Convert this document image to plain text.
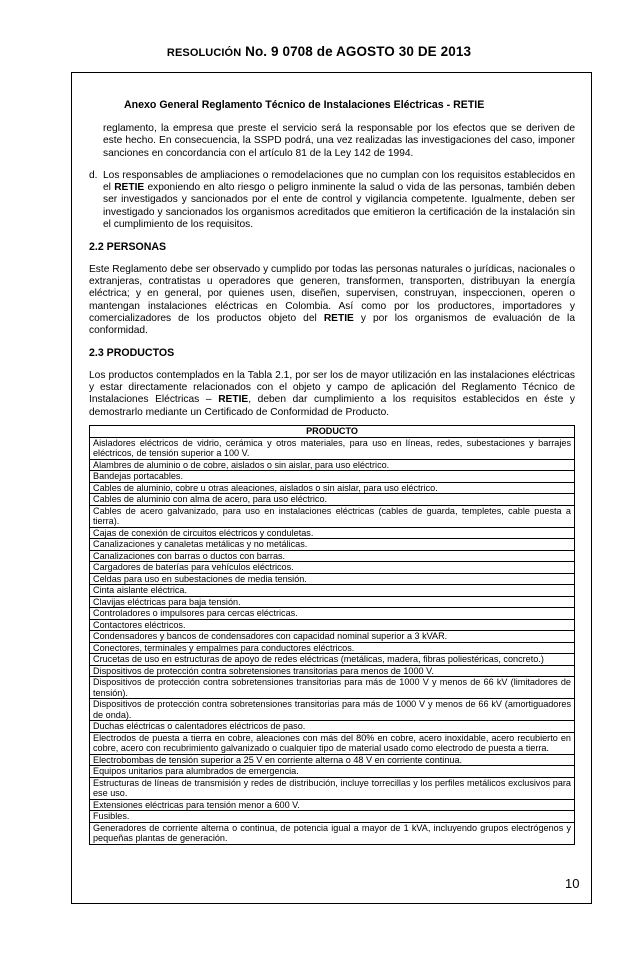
RESOLUCIÓN No. 9 0708 de AGOSTO 30 DE 2013
Anexo General Reglamento Técnico de Instalaciones Eléctricas - RETIE

reglamento, la empresa que preste el servicio será la responsable por los efectos que se deriven de este hecho. En consecuencia, la SSPD podrá, una vez realizadas las investigaciones del caso, imponer sanciones en concordancia con el artículo 81 de la Ley 142 de 1994.

d. Los responsables de ampliaciones o remodelaciones que no cumplan con los requisitos establecidos en el RETIE exponiendo en alto riesgo o peligro inminente la salud o vida de las personas, también deben ser investigados y sancionados por el ente de control y vigilancia competente. Igualmente, deben ser investigado y sancionados los organismos acreditados que emitieron la certificación de la instalación sin el cumplimiento de los requisitos.
2.2 PERSONAS

Este Reglamento debe ser observado y cumplido por todas las personas naturales o jurídicas, nacionales o extranjeras, contratistas u operadores que generen, transformen, transporten, distribuyan la energía eléctrica; y en general, por quienes usen, diseñen, supervisen, construyan, inspeccionen, operen o mantengan instalaciones eléctricas en Colombia. Así como por los productores, importadores y comercializadores de los productos objeto del RETIE y por los organismos de evaluación de la conformidad.

2.3 PRODUCTOS

Los productos contemplados en la Tabla 2.1, por ser los de mayor utilización en las instalaciones eléctricas y estar directamente relacionados con el objeto y campo de aplicación del Reglamento Técnico de Instalaciones Eléctricas – RETIE, deben dar cumplimiento a los requisitos establecidos en éste y demostrarlo mediante un Certificado de Conformidad de Producto.

PRODUCTO
Aisladores eléctricos de vidrio, cerámica y otros materiales, para uso en líneas, redes, subestaciones y barrajes eléctricos, de tensión superior a 100 V.
Alambres de aluminio o de cobre, aislados o sin aislar, para uso eléctrico.
Bandejas portacables.
Cables de aluminio, cobre u otras aleaciones, aislados o sin aislar, para uso eléctrico.
Cables de aluminio con alma de acero, para uso eléctrico.
Cables de acero galvanizado, para uso en instalaciones eléctricas (cables de guarda, templetes, cable puesta a tierra).
Cajas de conexión de circuitos eléctricos y conduletas.
Canalizaciones y canaletas metálicas y no metálicas.
Canalizaciones con barras o ductos con barras.
Cargadores de baterías para vehículos eléctricos.
Celdas para uso en subestaciones de media tensión.
Cinta aislante eléctrica.
Clavijas eléctricas para baja tensión.
Controladores o impulsores para cercas eléctricas.
Contactores eléctricos.
Condensadores y bancos de condensadores con capacidad nominal superior a 3 kVAR.
Conectores, terminales y empalmes para conductores eléctricos.
Crucetas de uso en estructuras de apoyo de redes eléctricas (metálicas, madera, fibras poliestéricas, concreto.)
Dispositivos de protección contra sobretensiones transitorias para menos de 1000 V.
Dispositivos de protección contra sobretensiones transitorias para más de 1000 V y menos de 66 kV (limitadores de tensión).
Dispositivos de protección contra sobretensiones transitorias para más de 1000 V y menos de 66 kV (amortiguadores de onda).
Duchas eléctricas o calentadores eléctricos de paso.
Electrodos de puesta a tierra en cobre, aleaciones con más del 80% en cobre, acero inoxidable, acero recubierto en cobre, acero con recubrimiento galvanizado o cualquier tipo de material usado como electrodo de puesta a tierra.
Electrobombas de tensión superior a 25 V en corriente alterna o 48 V en corriente continua.
Equipos unitarios para alumbrados de emergencia.
Estructuras de líneas de transmisión y redes de distribución, incluye torrecillas y los perfiles metálicos exclusivos para ese uso.
Extensiones eléctricas para tensión menor a 600 V.
Fusibles.
Generadores de corriente alterna o continua, de potencia igual a mayor de 1 kVA, incluyendo grupos electrógenos y pequeñas plantas de generación.
10
